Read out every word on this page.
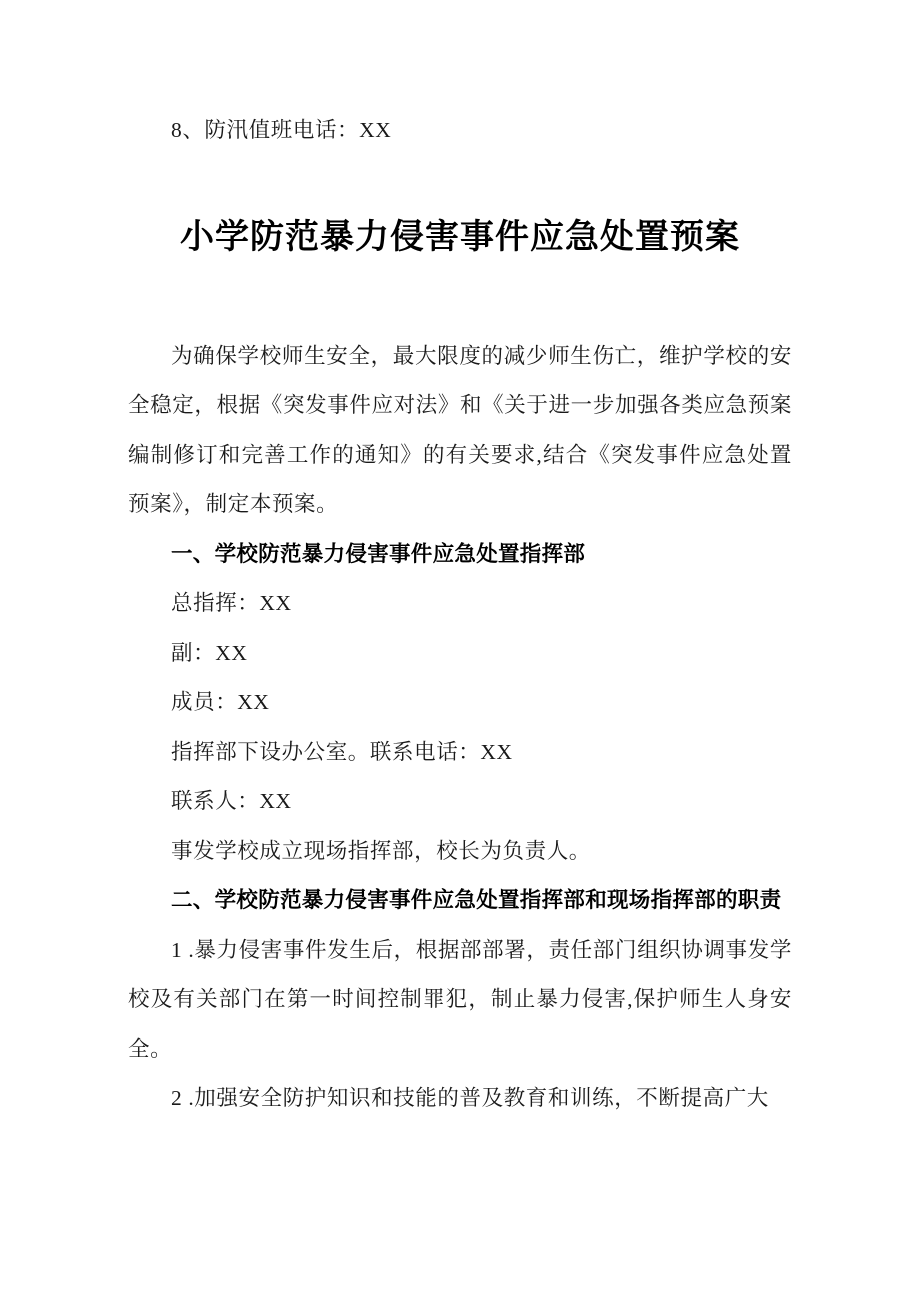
8、防汛值班电话：XX

小学防范暴力侵害事件应急处置预案

为确保学校师生安全，最大限度的减少师生伤亡，维护学校的安全稳定，根据《突发事件应对法》和《关于进一步加强各类应急预案编制修订和完善工作的通知》的有关要求,结合《突发事件应急处置预案》，制定本预案。

一、学校防范暴力侵害事件应急处置指挥部

总指挥：XX

副：XX

成员：XX

指挥部下设办公室。联系电话：XX

联系人：XX

事发学校成立现场指挥部，校长为负责人。

二、学校防范暴力侵害事件应急处置指挥部和现场指挥部的职责

1 .暴力侵害事件发生后，根据部部署，责任部门组织协调事发学校及有关部门在第一时间控制罪犯，制止暴力侵害,保护师生人身安全。

2 .加强安全防护知识和技能的普及教育和训练，不断提高广大
